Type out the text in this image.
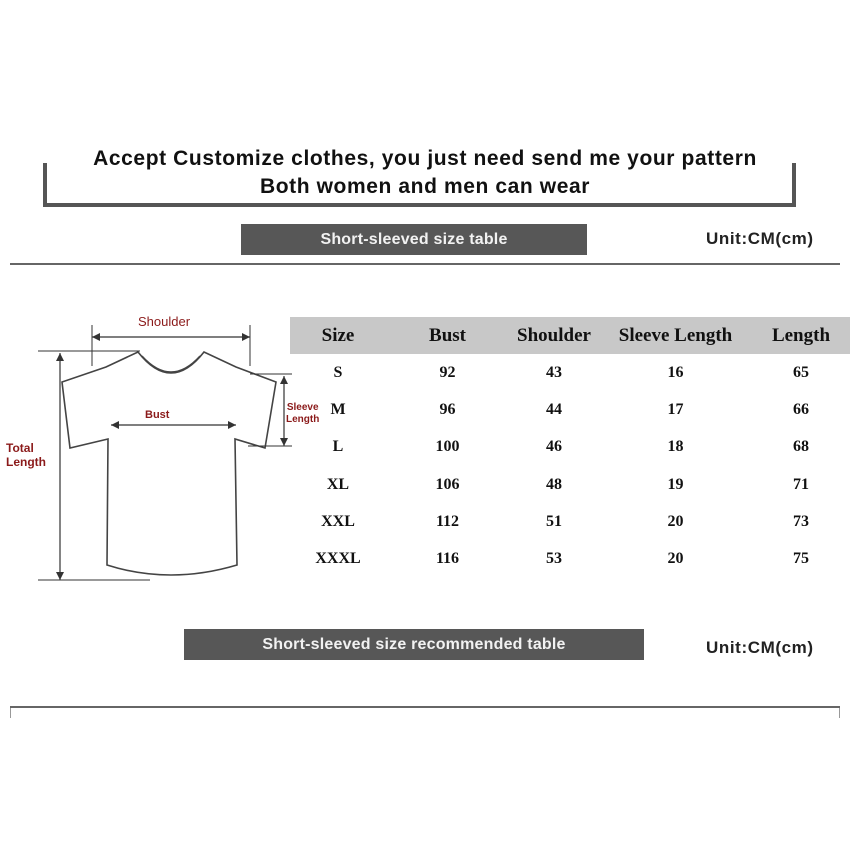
Accept Customize clothes, you just need send me your pattern
Both women and men can wear
Short-sleeved size table	Unit:CM(cm)
Shoulder
Bust
Sleeve
Length
Total
Length
Size	Bust	Shoulder	Sleeve Length	Length
S	92	43	16	65
M	96	44	17	66
L	100	46	18	68
XL	106	48	19	71
XXL	112	51	20	73
XXXL	116	53	20	75
Short-sleeved size recommended table	Unit:CM(cm)
